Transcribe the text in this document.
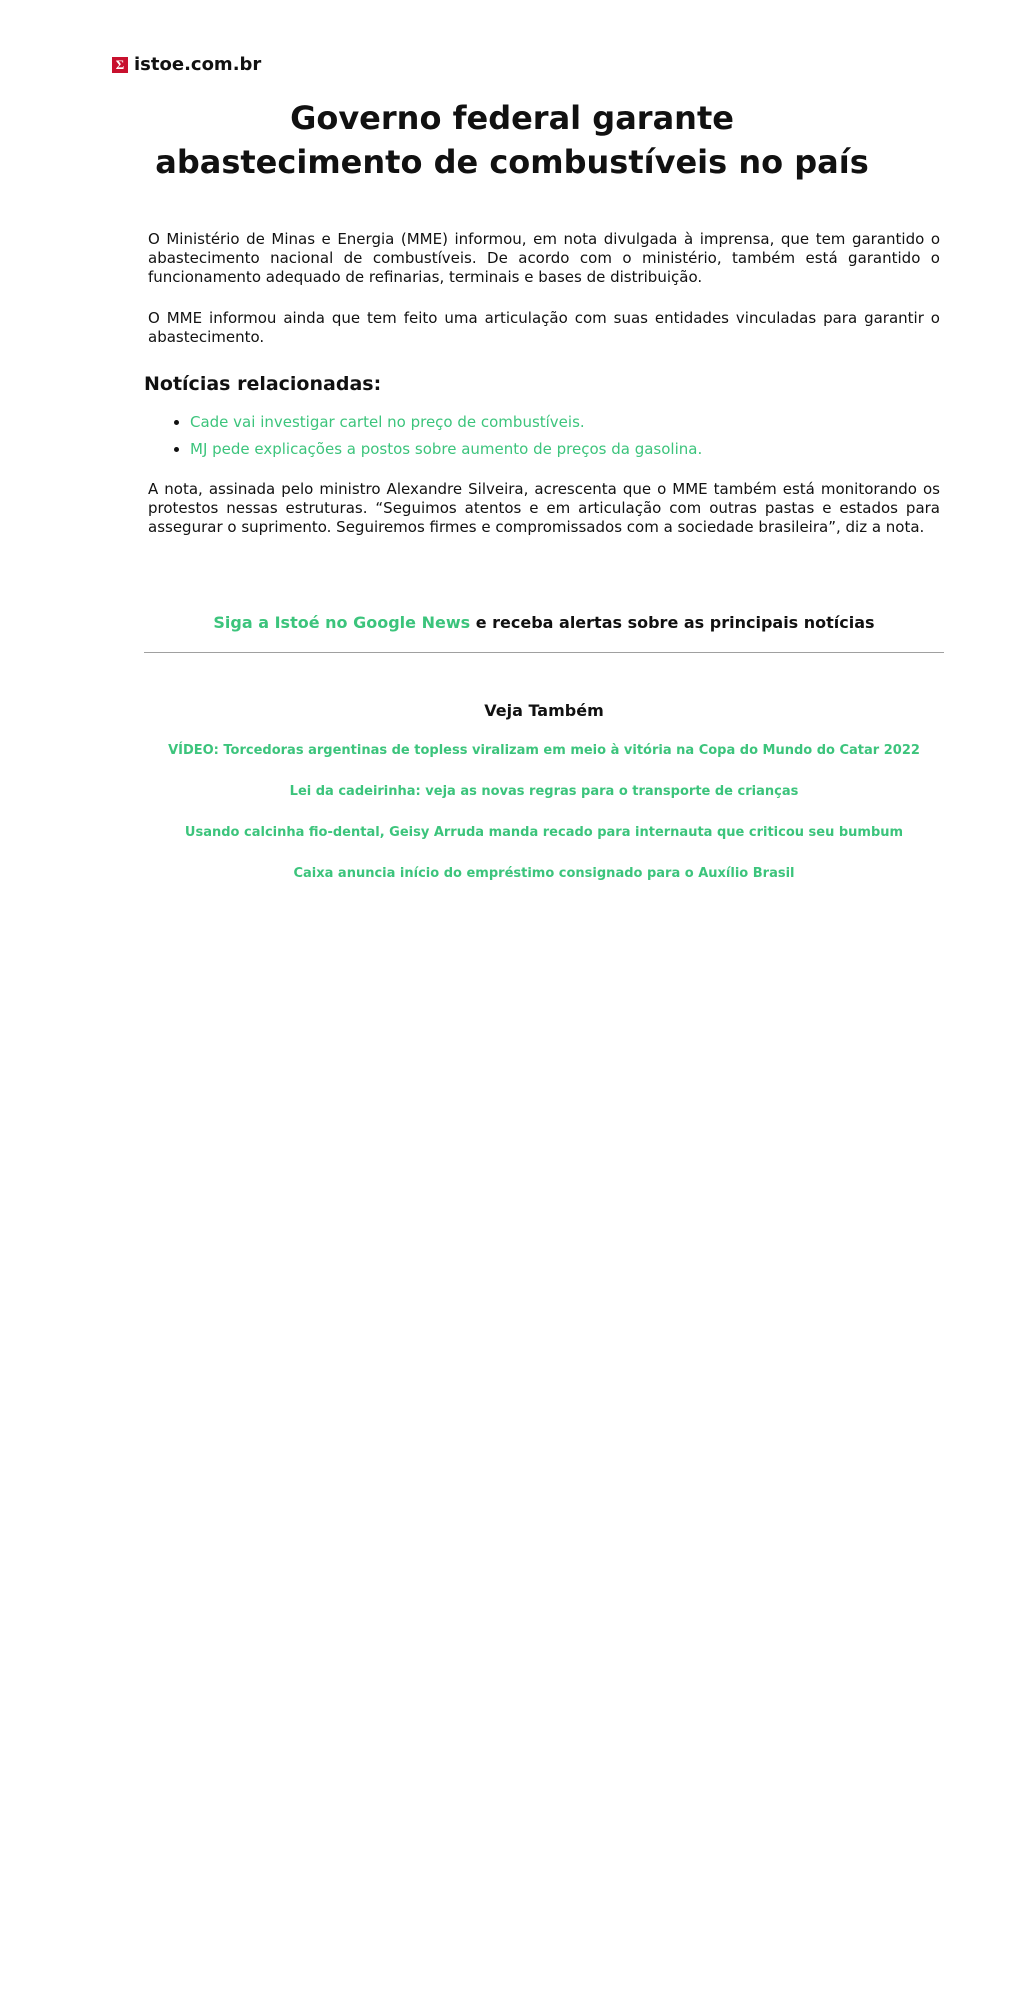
Σ istoe.com.br
Governo federal garante abastecimento de combustíveis no país

O Ministério de Minas e Energia (MME) informou, em nota divulgada à imprensa, que tem garantido o abastecimento nacional de combustíveis. De acordo com o ministério, também está garantido o funcionamento adequado de refinarias, terminais e bases de distribuição.

O MME informou ainda que tem feito uma articulação com suas entidades vinculadas para garantir o abastecimento.

Notícias relacionadas:
• Cade vai investigar cartel no preço de combustíveis.
• MJ pede explicações a postos sobre aumento de preços da gasolina.

A nota, assinada pelo ministro Alexandre Silveira, acrescenta que o MME também está monitorando os protestos nessas estruturas. “Seguimos atentos e em articulação com outras pastas e estados para assegurar o suprimento. Seguiremos firmes e compromissados com a sociedade brasileira”, diz a nota.

Siga a Istoé no Google News e receba alertas sobre as principais notícias
Veja Também
VÍDEO: Torcedoras argentinas de topless viralizam em meio à vitória na Copa do Mundo do Catar 2022
Lei da cadeirinha: veja as novas regras para o transporte de crianças
Usando calcinha fio-dental, Geisy Arruda manda recado para internauta que criticou seu bumbum
Caixa anuncia início do empréstimo consignado para o Auxílio Brasil
